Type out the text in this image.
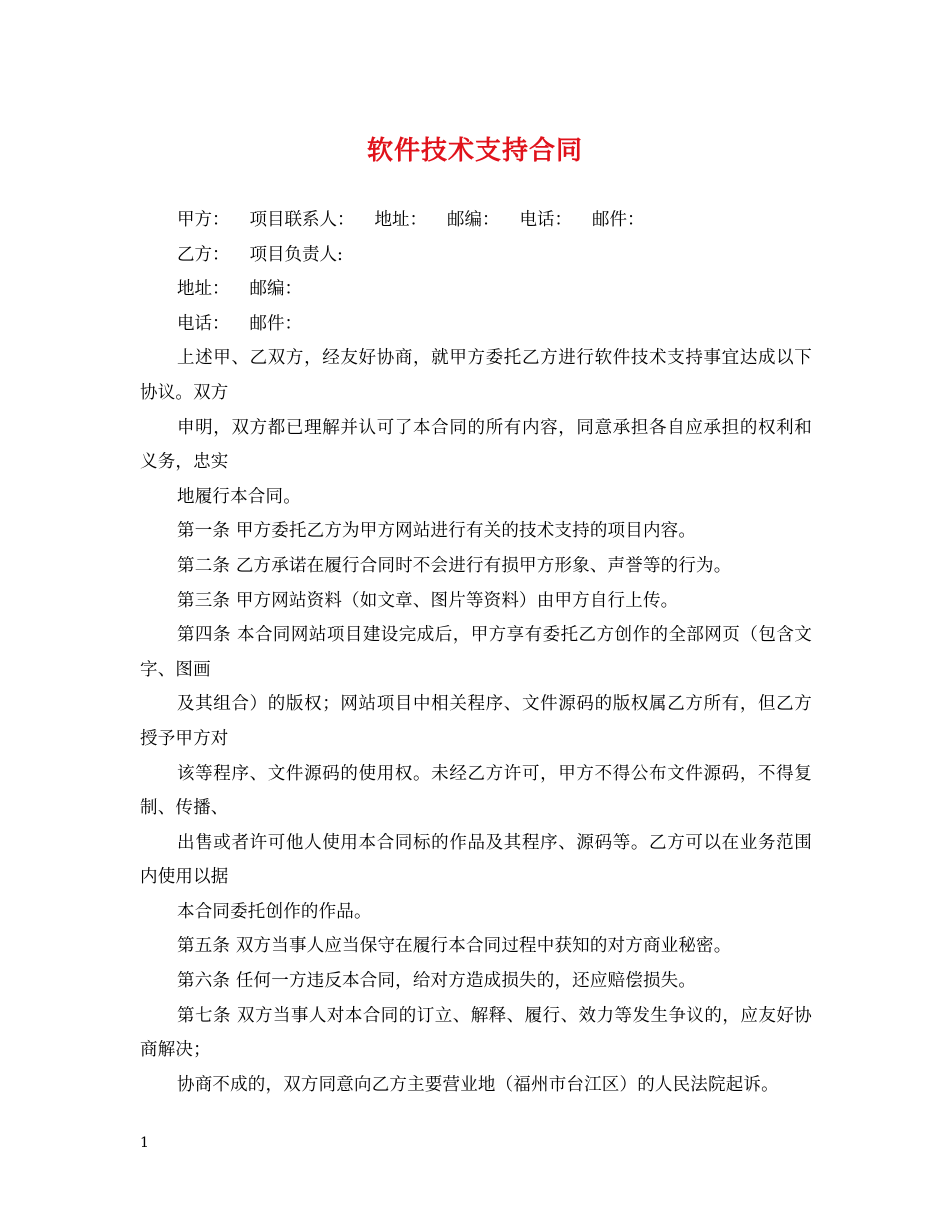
软件技术支持合同

甲方： 项目联系人： 地址： 邮编： 电话： 邮件：

乙方： 项目负责人:

地址： 邮编：

电话： 邮件：

上述甲、乙双方，经友好协商，就甲方委托乙方进行软件技术支持事宜达成以下协议。双方

申明，双方都已理解并认可了本合同的所有内容，同意承担各自应承担的权利和义务，忠实

地履行本合同。

第一条 甲方委托乙方为甲方网站进行有关的技术支持的项目内容。

第二条 乙方承诺在履行合同时不会进行有损甲方形象、声誉等的行为。

第三条 甲方网站资料（如文章、图片等资料）由甲方自行上传。

第四条 本合同网站项目建设完成后，甲方享有委托乙方创作的全部网页（包含文字、图画

及其组合）的版权；网站项目中相关程序、文件源码的版权属乙方所有，但乙方授予甲方对

该等程序、文件源码的使用权。未经乙方许可，甲方不得公布文件源码，不得复制、传播、

出售或者许可他人使用本合同标的作品及其程序、源码等。乙方可以在业务范围内使用以据

本合同委托创作的作品。

第五条 双方当事人应当保守在履行本合同过程中获知的对方商业秘密。

第六条 任何一方违反本合同，给对方造成损失的，还应赔偿损失。

第七条 双方当事人对本合同的订立、解释、履行、效力等发生争议的，应友好协商解决；

协商不成的，双方同意向乙方主要营业地（福州市台江区）的人民法院起诉。

1
